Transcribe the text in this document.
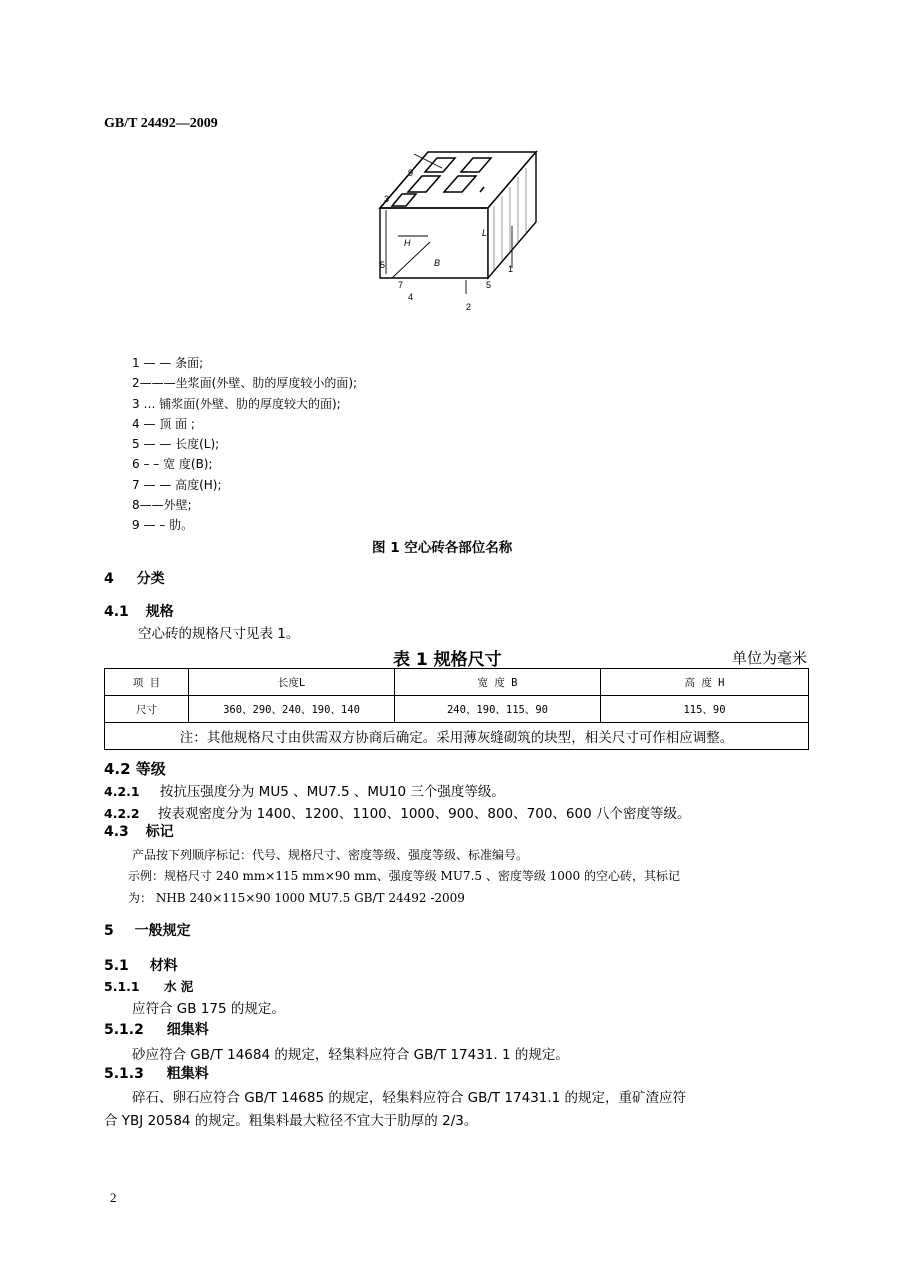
GB/T 24492—2009
9
3
H
B
L
5
7
4
2
5
1
1 — — 条面;
2———坐浆面(外壁、肋的厚度较小的面);
3 … 铺浆面(外壁、肋的厚度较大的面);
4 — 顶 面 ;
5 — — 长度(L);
6 – – 宽 度(B);
7 — — 高度(H);
8——外壁;
9 — – 肋。
图 1 空心砖各部位名称
4 分类
4.1 规格
空心砖的规格尺寸见表 1。
表 1 规格尺寸	单位为毫米
项 目	长度L	宽 度 B	高 度 H
尺寸	360、290、240、190、140	240、190、115、90	115、90
注：其他规格尺寸由供需双方协商后确定。采用薄灰缝砌筑的块型，相关尺寸可作相应调整。			
4.2 等级
4.2.1 按抗压强度分为 MU5 、MU7.5 、MU10 三个强度等级。
4.2.2 按表观密度分为 1400、1200、1100、1000、900、800、700、600 八个密度等级。
4.3 标记
产品按下列顺序标记：代号、规格尺寸、密度等级、强度等级、标准编号。
示例：规格尺寸 240 mm×115 mm×90 mm、强度等级 MU7.5 、密度等级 1000 的空心砖，其标记
为： NHB 240×115×90 1000 MU7.5 GB/T 24492 -2009
5 一般规定
5.1 材料
5.1.1 水 泥
应符合 GB 175 的规定。
5.1.2 细集料
砂应符合 GB/T 14684 的规定，轻集料应符合 GB/T 17431. 1 的规定。
5.1.3 粗集料
碎石、卵石应符合 GB/T 14685 的规定，轻集料应符合 GB/T 17431.1 的规定，重矿渣应符
合 YBJ 20584 的规定。粗集料最大粒径不宜大于肋厚的 2/3。
2
